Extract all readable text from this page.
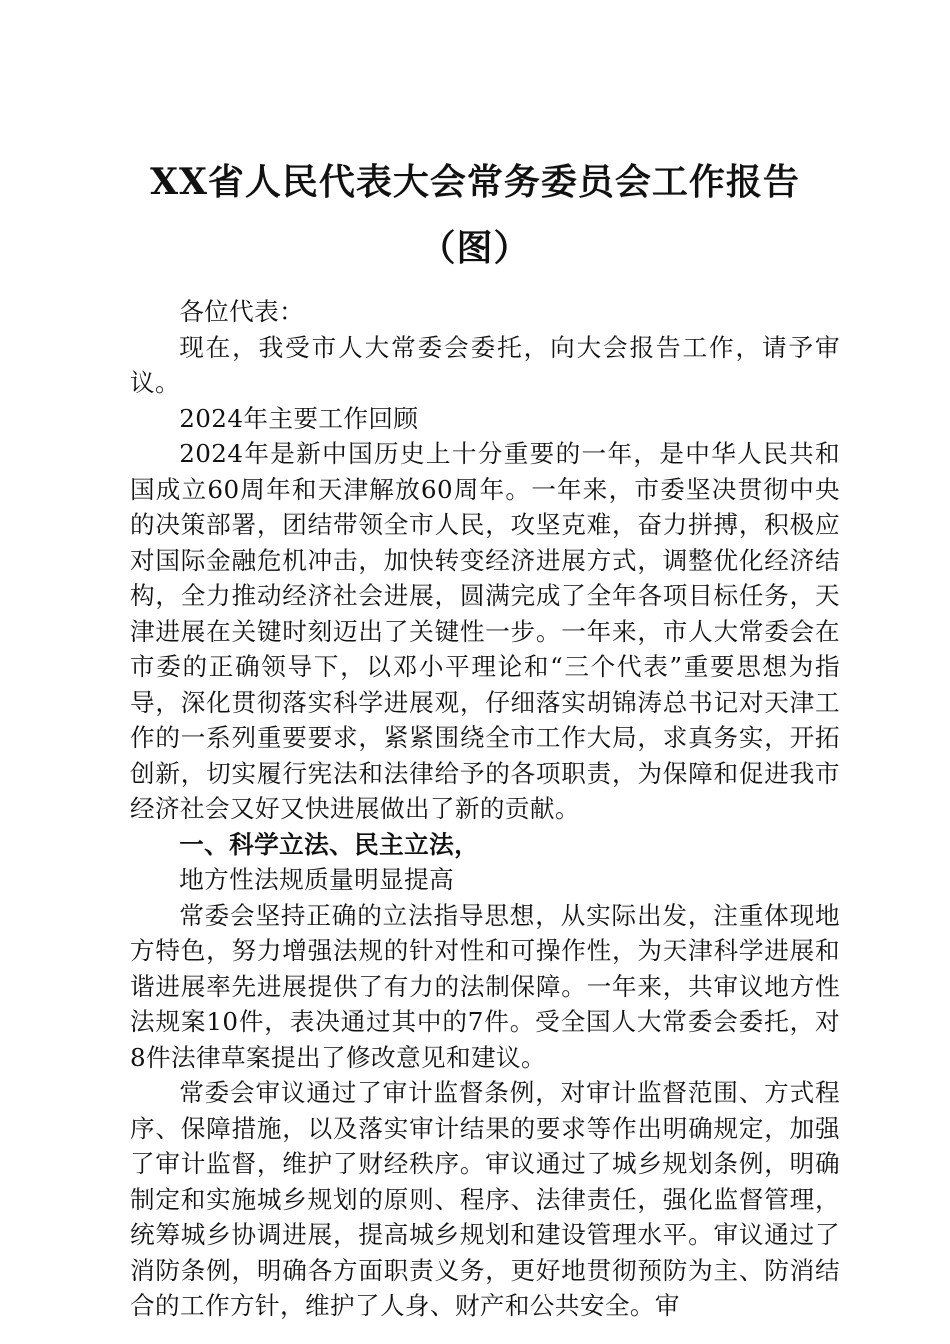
XX省人民代表大会常务委员会工作报告
（图）

各位代表：

现在，我受市人大常委会委托，向大会报告工作，请予审议。

2024年主要工作回顾

2024年是新中国历史上十分重要的一年，是中华人民共和国成立60周年和天津解放60周年。一年来，市委坚决贯彻中央的决策部署，团结带领全市人民，攻坚克难，奋力拼搏，积极应对国际金融危机冲击，加快转变经济进展方式，调整优化经济结构，全力推动经济社会进展，圆满完成了全年各项目标任务，天津进展在关键时刻迈出了关键性一步。一年来，市人大常委会在市委的正确领导下，以邓小平理论和“三个代表”重要思想为指导，深化贯彻落实科学进展观，仔细落实胡锦涛总书记对天津工作的一系列重要要求，紧紧围绕全市工作大局，求真务实，开拓创新，切实履行宪法和法律给予的各项职责，为保障和促进我市经济社会又好又快进展做出了新的贡献。

一、科学立法、民主立法，

地方性法规质量明显提高

常委会坚持正确的立法指导思想，从实际出发，注重体现地方特色，努力增强法规的针对性和可操作性，为天津科学进展和谐进展率先进展提供了有力的法制保障。一年来，共审议地方性法规案10件，表决通过其中的7件。受全国人大常委会委托，对8件法律草案提出了修改意见和建议。

常委会审议通过了审计监督条例，对审计监督范围、方式程序、保障措施，以及落实审计结果的要求等作出明确规定，加强了审计监督，维护了财经秩序。审议通过了城乡规划条例，明确制定和实施城乡规划的原则、程序、法律责任，强化监督管理，统筹城乡协调进展，提高城乡规划和建设管理水平。审议通过了消防条例，明确各方面职责义务，更好地贯彻预防为主、防消结合的工作方针，维护了人身、财产和公共安全。审
